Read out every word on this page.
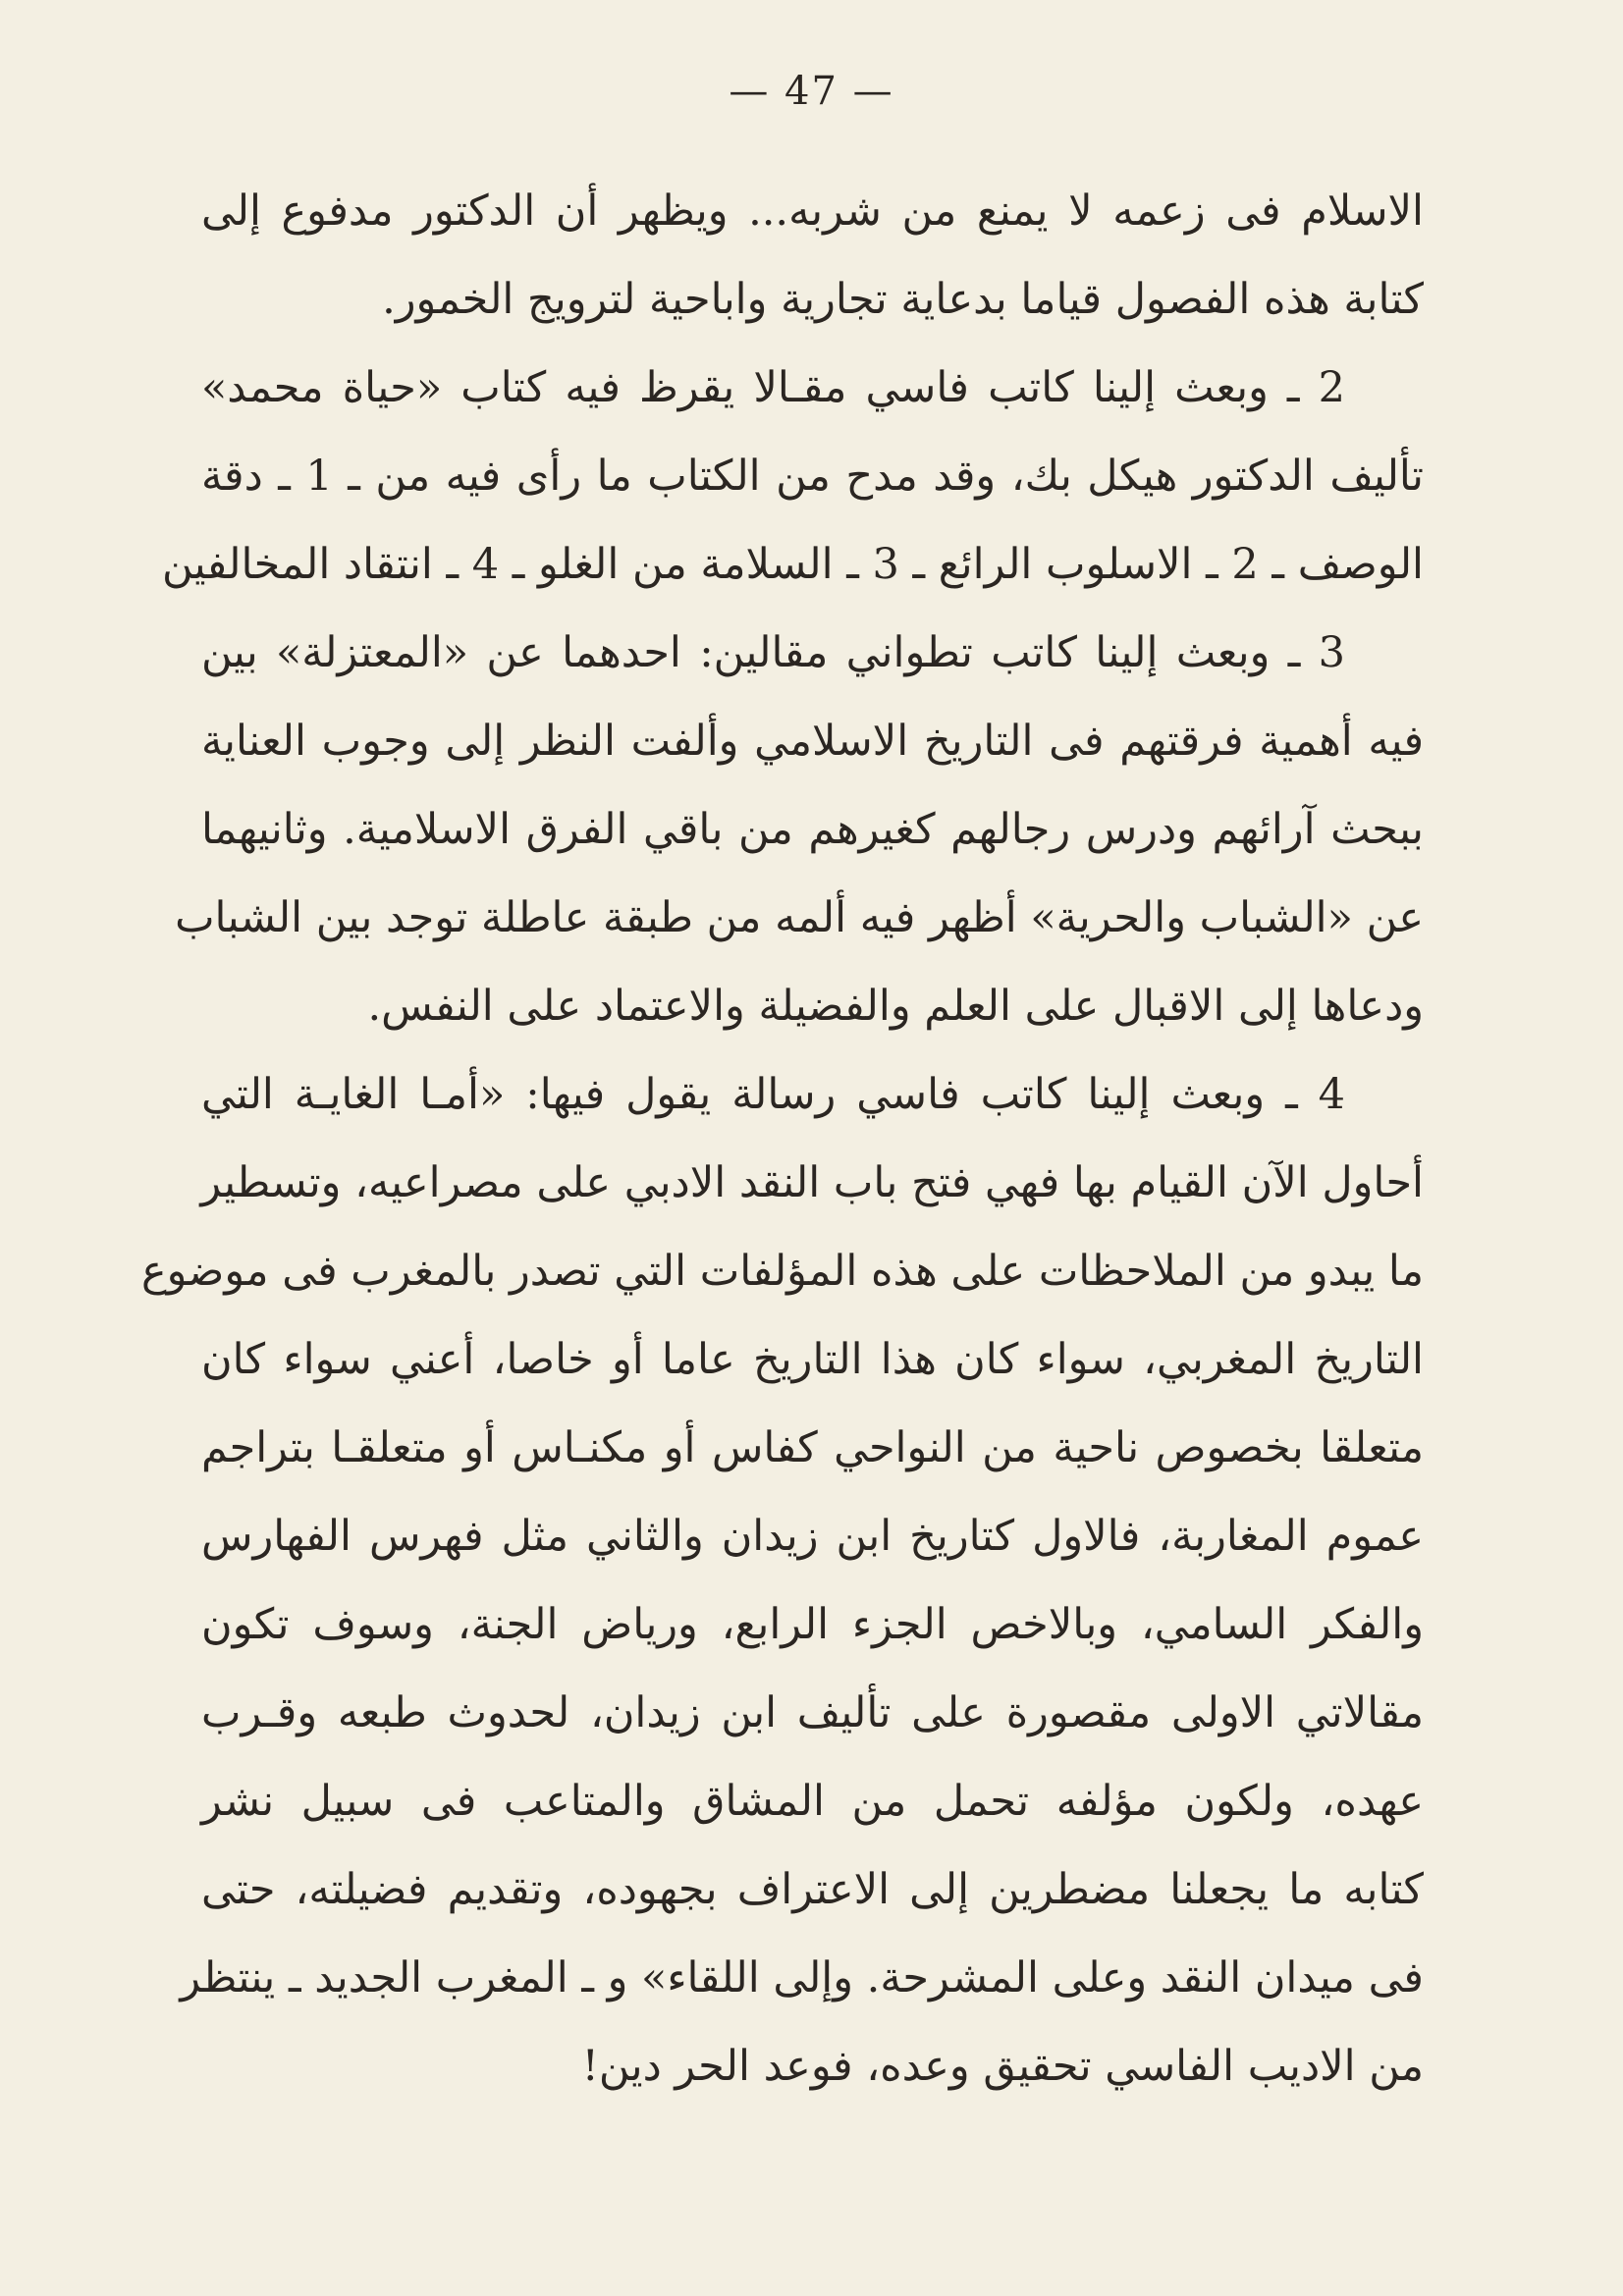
— 47 —
الاسلام فى زعمه لا يمنع من شربه... ويظهر أن الدكتور مدفوع إلى
كتابة هذه الفصول قياما بدعاية تجارية واباحية لترويج الخمور.
2 ـ وبعث إلينا كاتب فاسي مقـالا يقرظ فيه كتاب «حياة محمد»
تأليف الدكتور هيكل بك، وقد مدح من الكتاب ما رأى فيه من ـ 1 ـ دقة
الوصف ـ 2 ـ الاسلوب الرائع ـ 3 ـ السلامة من الغلو ـ 4 ـ انتقاد المخالفين
3 ـ وبعث إلينا كاتب تطواني مقالين: احدهما عن «المعتزلة» بين
فيه أهمية فرقتهم فى التاريخ الاسلامي وألفت النظر إلى وجوب العناية
ببحث آرائهم ودرس رجالهم كغيرهم من باقي الفرق الاسلامية. وثانيهما
عن «الشباب والحرية» أظهر فيه ألمه من طبقة عاطلة توجد بين الشباب
ودعاها إلى الاقبال على العلم والفضيلة والاعتماد على النفس.
4 ـ وبعث إلينا كاتب فاسي رسالة يقول فيها: «أمـا الغايـة التي
أحاول الآن القيام بها فهي فتح باب النقد الادبي على مصراعيه، وتسطير
ما يبدو من الملاحظات على هذه المؤلفات التي تصدر بالمغرب فى موضوع
التاريخ المغربي، سواء كان هذا التاريخ عاما أو خاصا، أعني سواء كان
متعلقا بخصوص ناحية من النواحي كفاس أو مكنـاس أو متعلقـا بتراجم
عموم المغاربة، فالاول كتاريخ ابن زيدان والثاني مثل فهرس الفهارس
والفكر السامي، وبالاخص الجزء الرابع، ورياض الجنة، وسوف تكون
مقالاتي الاولى مقصورة على تأليف ابن زيدان، لحدوث طبعه وقـرب
عهده، ولكون مؤلفه تحمل من المشاق والمتاعب فى سبيل نشر
كتابه ما يجعلنا مضطرين إلى الاعتراف بجهوده، وتقديم فضيلته، حتى
فى ميدان النقد وعلى المشرحة. وإلى اللقاء» و ـ المغرب الجديد ـ ينتظر
من الاديب الفاسي تحقيق وعده، فوعد الحر دين!
